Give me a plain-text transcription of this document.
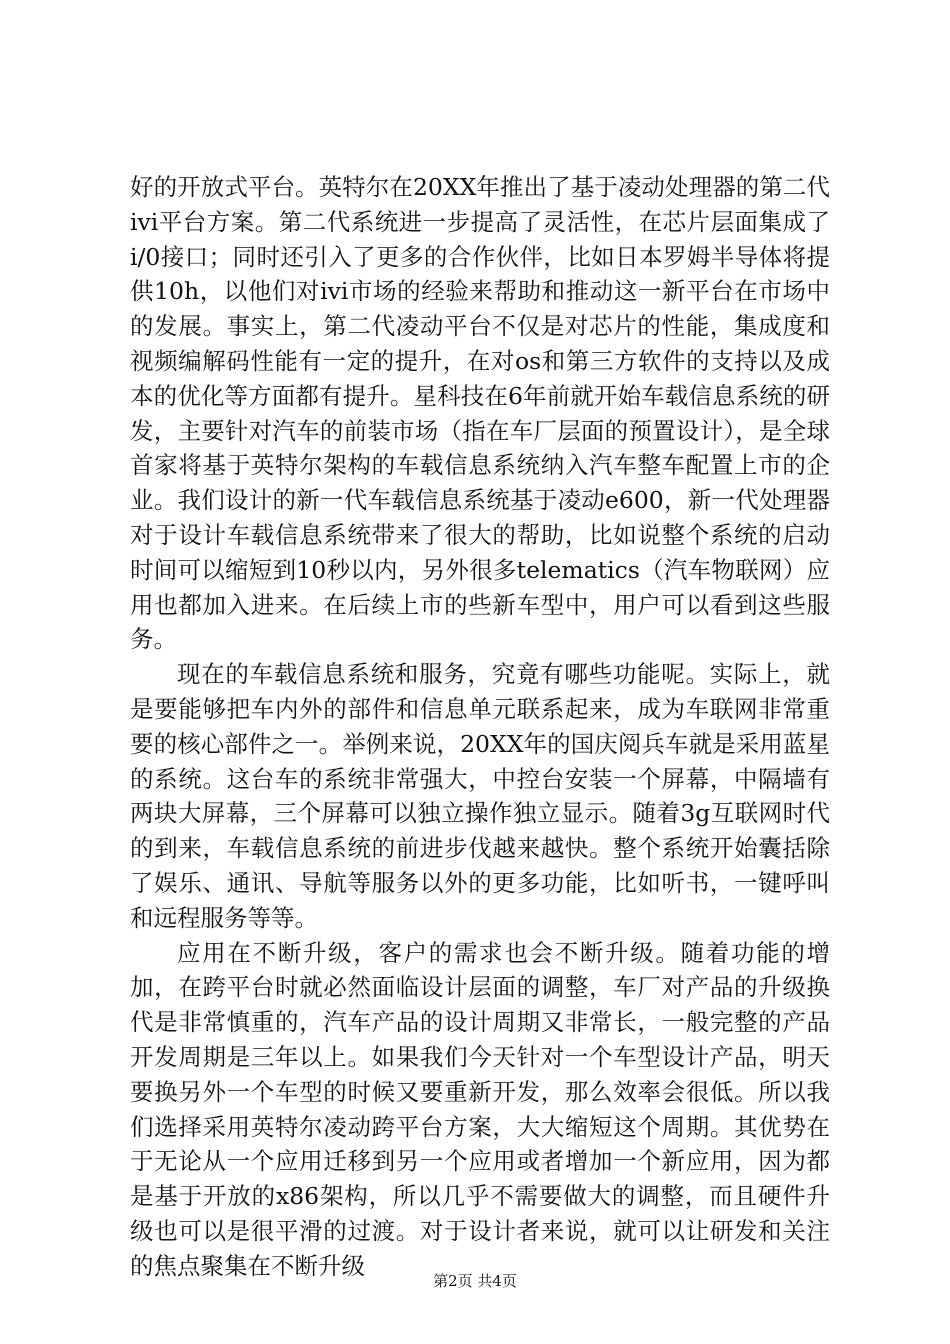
好的开放式平台。英特尔在20XX年推出了基于凌动处理器的第二代ivi平台方案。第二代系统进一步提高了灵活性，在芯片层面集成了i/0接口；同时还引入了更多的合作伙伴，比如日本罗姆半导体将提供10h，以他们对ivi市场的经验来帮助和推动这一新平台在市场中的发展。事实上，第二代凌动平台不仅是对芯片的性能，集成度和视频编解码性能有一定的提升，在对os和第三方软件的支持以及成本的优化等方面都有提升。星科技在6年前就开始车载信息系统的研发，主要针对汽车的前装市场（指在车厂层面的预置设计），是全球首家将基于英特尔架构的车载信息系统纳入汽车整车配置上市的企业。我们设计的新一代车载信息系统基于凌动e600，新一代处理器对于设计车载信息系统带来了很大的帮助，比如说整个系统的启动时间可以缩短到10秒以内，另外很多telematics（汽车物联网）应用也都加入进来。在后续上市的些新车型中，用户可以看到这些服务。

现在的车载信息系统和服务，究竟有哪些功能呢。实际上，就是要能够把车内外的部件和信息单元联系起来，成为车联网非常重要的核心部件之一。举例来说，20XX年的国庆阅兵车就是采用蓝星的系统。这台车的系统非常强大，中控台安装一个屏幕，中隔墙有两块大屏幕，三个屏幕可以独立操作独立显示。随着3g互联网时代的到来，车载信息系统的前进步伐越来越快。整个系统开始囊括除了娱乐、通讯、导航等服务以外的更多功能，比如听书，一键呼叫和远程服务等等。

应用在不断升级，客户的需求也会不断升级。随着功能的增加，在跨平台时就必然面临设计层面的调整，车厂对产品的升级换代是非常慎重的，汽车产品的设计周期又非常长，一般完整的产品开发周期是三年以上。如果我们今天针对一个车型设计产品，明天要换另外一个车型的时候又要重新开发，那么效率会很低。所以我们选择采用英特尔凌动跨平台方案，大大缩短这个周期。其优势在于无论从一个应用迁移到另一个应用或者增加一个新应用，因为都是基于开放的x86架构，所以几乎不需要做大的调整，而且硬件升级也可以是很平滑的过渡。对于设计者来说，就可以让研发和关注的焦点聚集在不断升级

第2页 共4页
